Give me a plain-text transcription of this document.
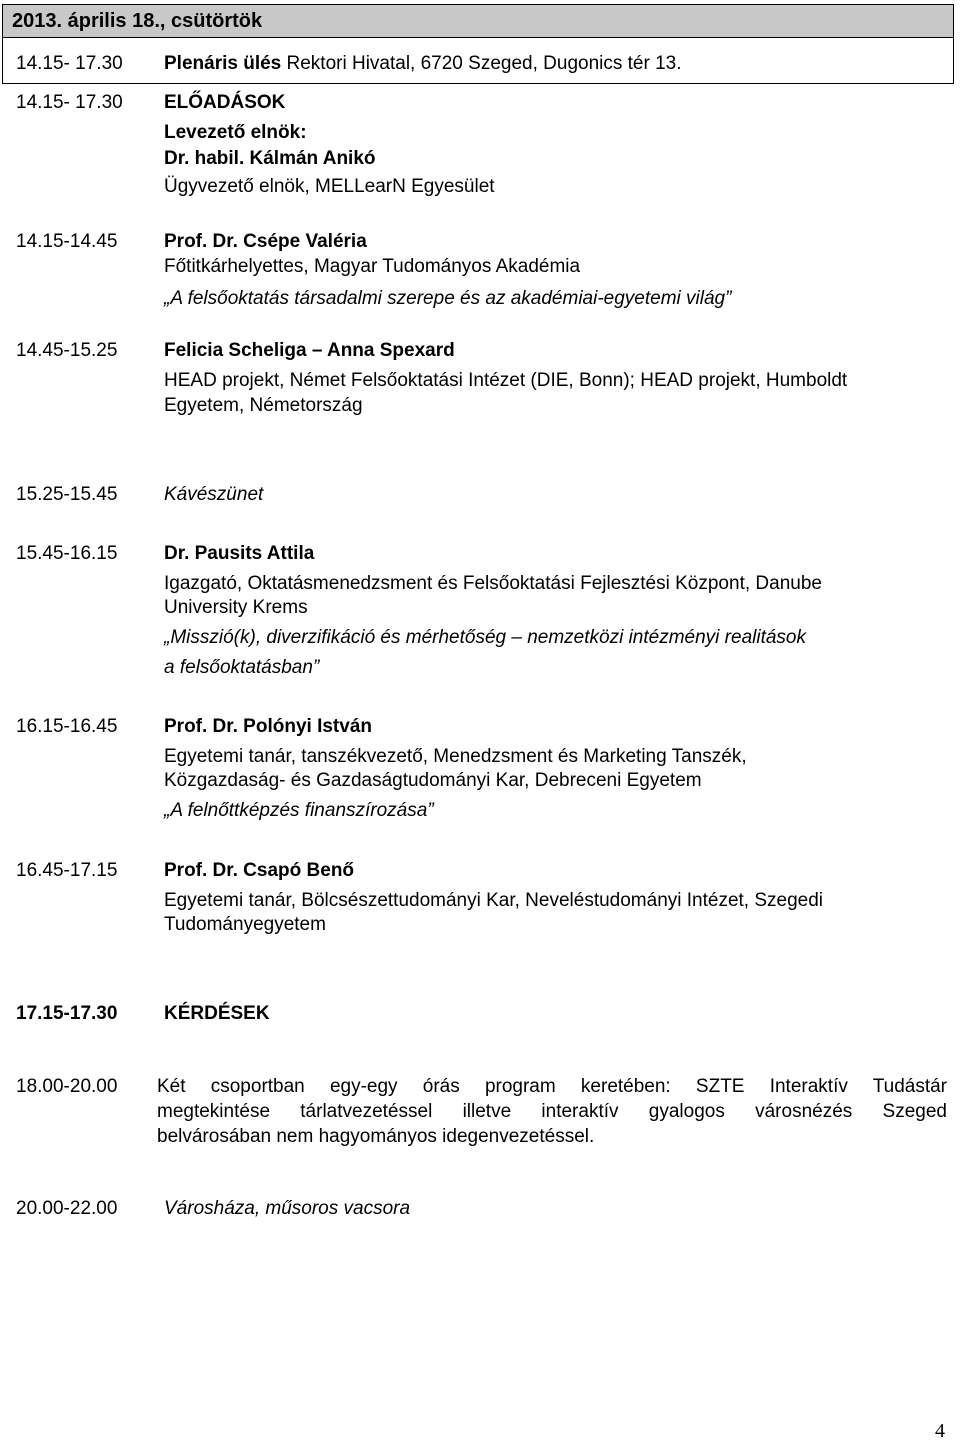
2013. április 18., csütörtök
14.15- 17.30 Plenáris ülés Rektori Hivatal, 6720 Szeged, Dugonics tér 13.
14.15- 17.30 ELŐADÁSOK
Levezető elnök:
Dr. habil. Kálmán Anikó
Ügyvezető elnök, MELLearN Egyesület
14.15-14.45 Prof. Dr. Csépe Valéria
Főtitkárhelyettes, Magyar Tudományos Akadémia
„A felsőoktatás társadalmi szerepe és az akadémiai-egyetemi világ”
14.45-15.25 Felicia Scheliga – Anna Spexard
HEAD projekt, Német Felsőoktatási Intézet (DIE, Bonn); HEAD projekt, Humboldt
Egyetem, Németország
15.25-15.45 Kávészünet
15.45-16.15 Dr. Pausits Attila
Igazgató, Oktatásmenedzsment és Felsőoktatási Fejlesztési Központ, Danube
University Krems
„Misszió(k), diverzifikáció és mérhetőség – nemzetközi intézményi realitások
a felsőoktatásban”
16.15-16.45 Prof. Dr. Polónyi István
Egyetemi tanár, tanszékvezető, Menedzsment és Marketing Tanszék,
Közgazdaság- és Gazdaságtudományi Kar, Debreceni Egyetem
„A felnőttképzés finanszírozása”
16.45-17.15 Prof. Dr. Csapó Benő
Egyetemi tanár, Bölcsészettudományi Kar, Neveléstudományi Intézet, Szegedi
Tudományegyetem
17.15-17.30 KÉRDÉSEK
18.00-20.00 Két csoportban egy-egy órás program keretében: SZTE Interaktív Tudástár
megtekintése tárlatvezetéssel illetve interaktív gyalogos városnézés Szeged
belvárosában nem hagyományos idegenvezetéssel.
20.00-22.00 Városháza, műsoros vacsora
4
